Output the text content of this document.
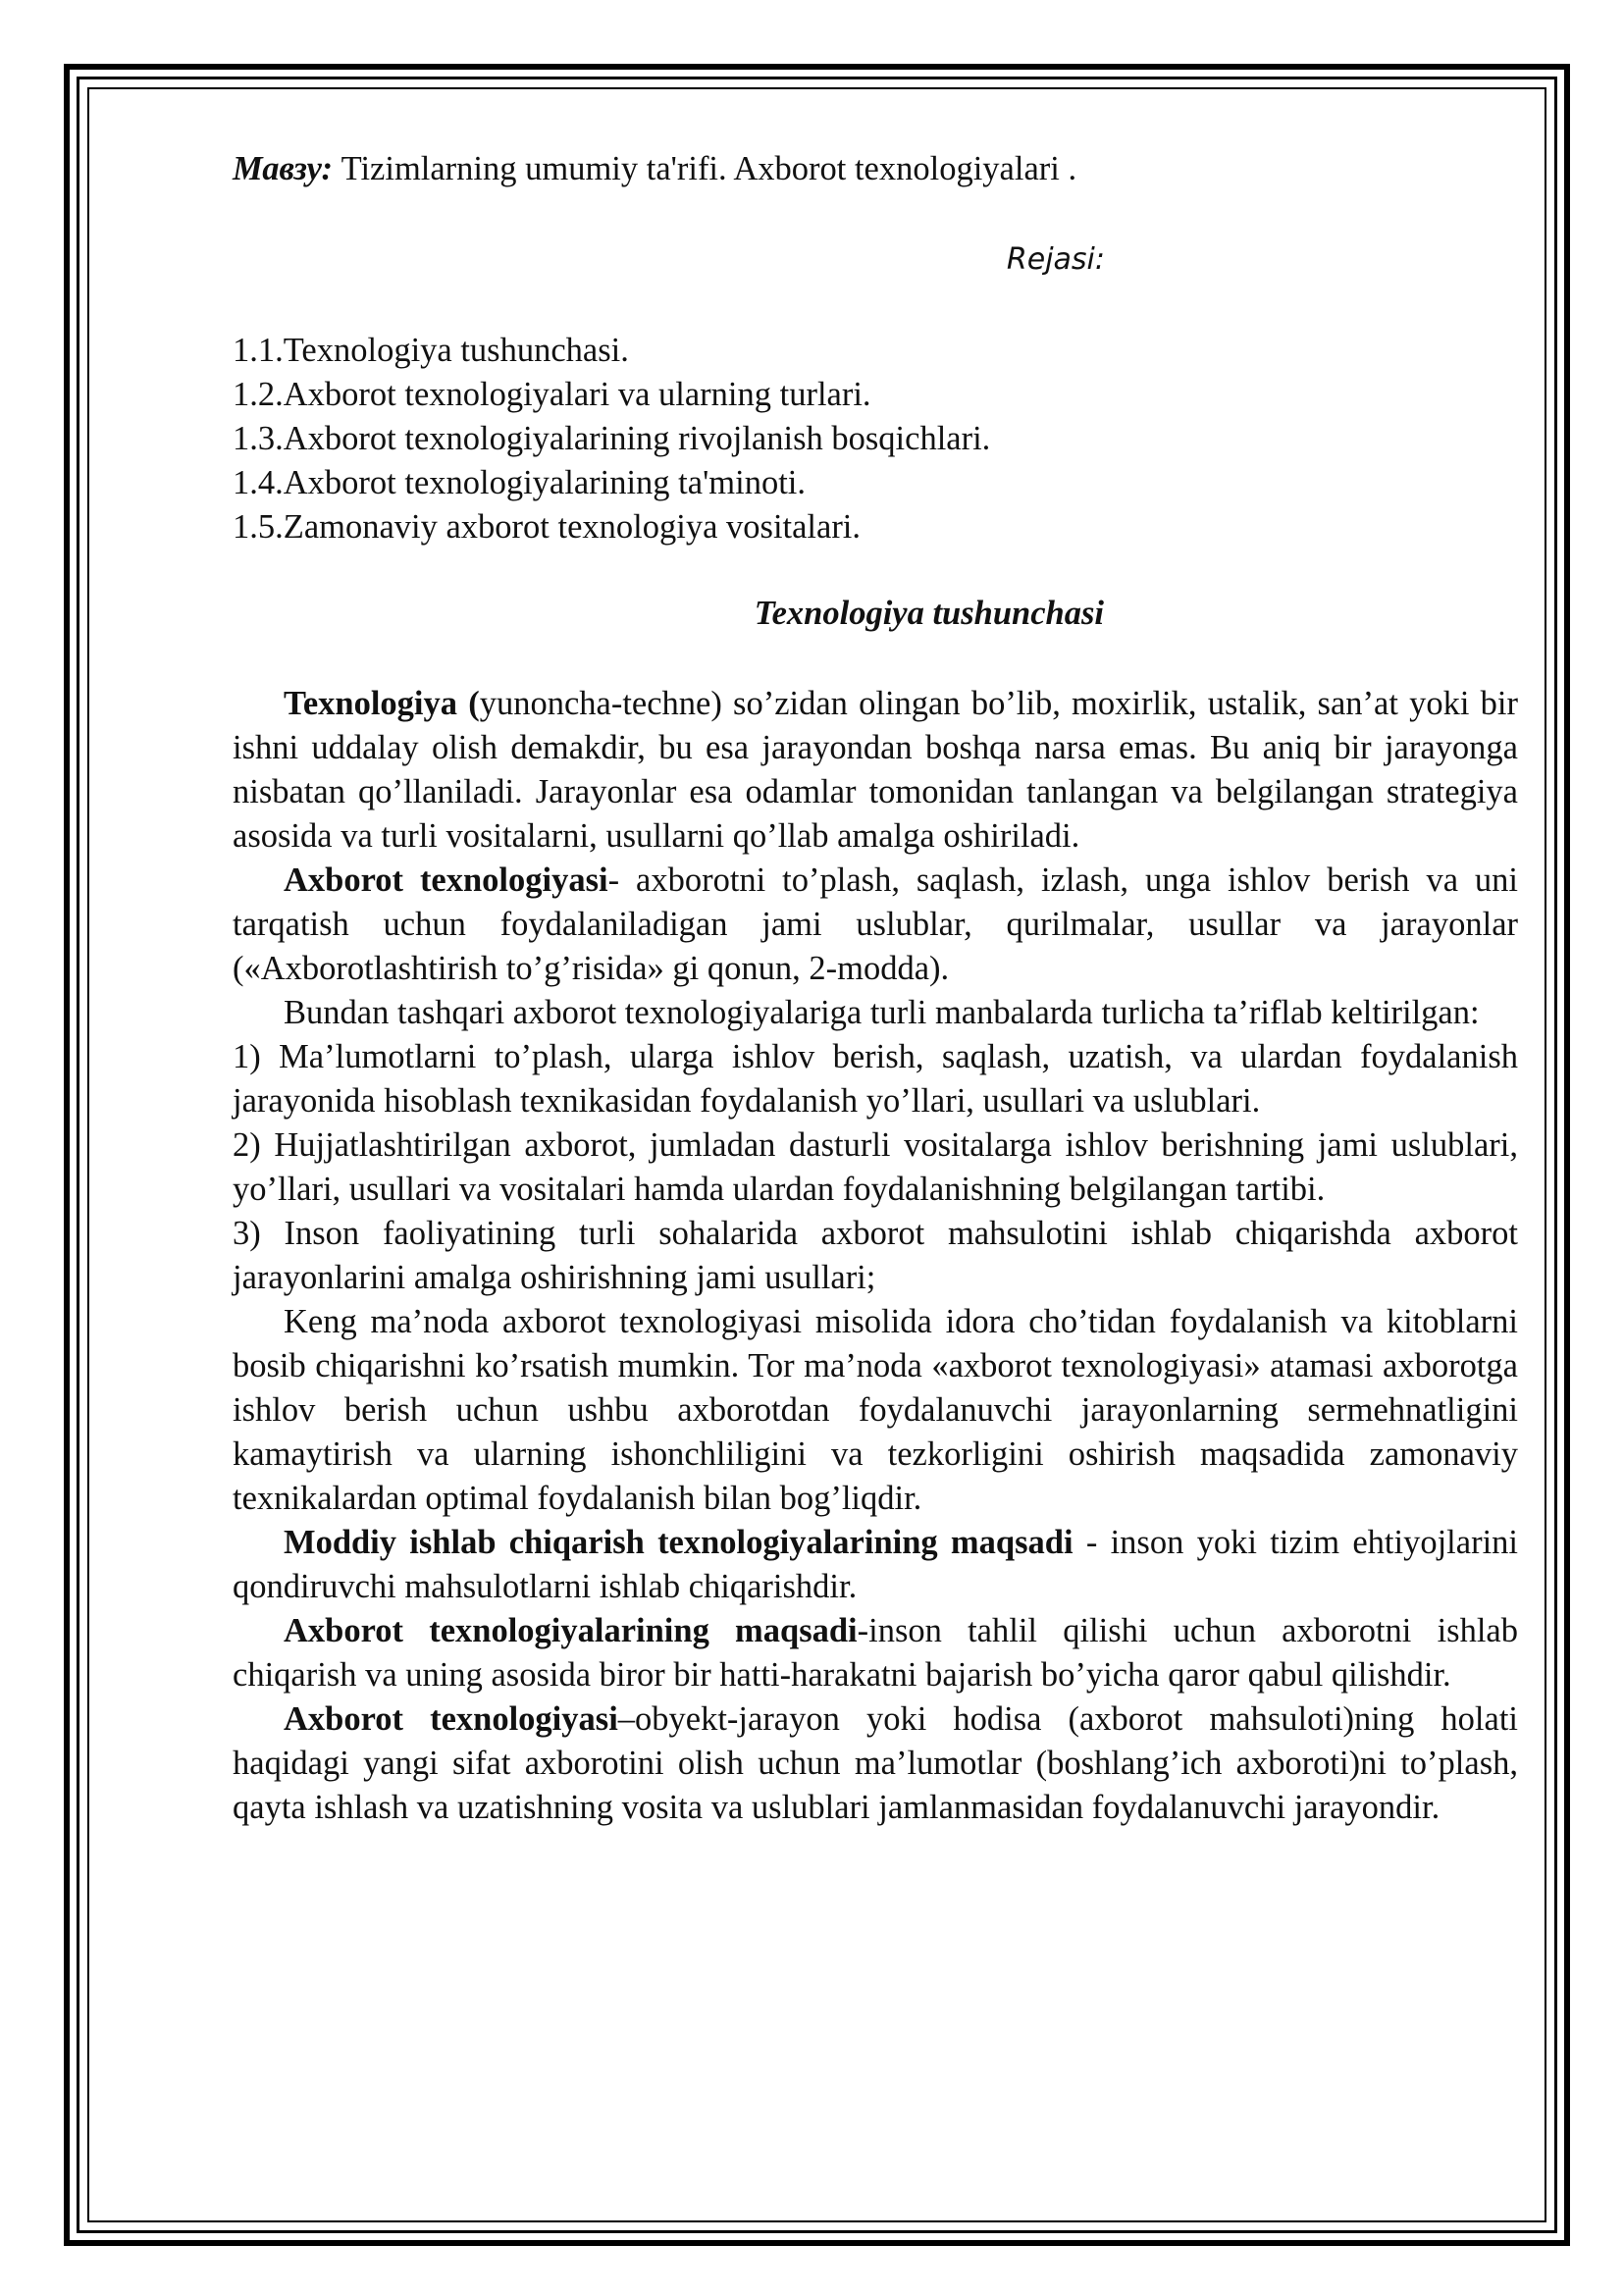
Мавзу: Tizimlarning umumiy ta'rifi. Axborot texnologiyalari .

Rejasi:
1.1.Texnologiya tushunchasi.
1.2.Axborot texnologiyalari va ularning turlari.
1.3.Axborot texnologiyalarining rivojlanish bosqichlari.
1.4.Axborot texnologiyalarining ta'minoti.
1.5.Zamonaviy axborot texnologiya vositalari.
Texnologiya tushunchasi

Texnologiya (yunoncha-techne) so’zidan olingan bo’lib, moxirlik, ustalik, san’at yoki bir ishni uddalay olish demakdir, bu esa jarayondan boshqa narsa emas. Bu aniq bir jarayonga nisbatan qo’llaniladi. Jarayonlar esa odamlar tomonidan tanlangan va belgilangan strategiya asosida va turli vositalarni, usullarni qo’llab amalga oshiriladi.

Axborot texnologiyasi- axborotni to’plash, saqlash, izlash, unga ishlov berish va uni tarqatish uchun foydalaniladigan jami uslublar, qurilmalar, usullar va jarayonlar («Axborotlashtirish to’g’risida» gi qonun, 2-modda).

Bundan tashqari axborot texnologiyalariga turli manbalarda turlicha ta’riflab keltirilgan:

1) Ma’lumotlarni to’plash, ularga ishlov berish, saqlash, uzatish, va ulardan foydalanish jarayonida hisoblash texnikasidan foydalanish yo’llari, usullari va uslublari.

2) Hujjatlashtirilgan axborot, jumladan dasturli vositalarga ishlov berishning jami uslublari, yo’llari, usullari va vositalari hamda ulardan foydalanishning belgilangan tartibi.

3) Inson faoliyatining turli sohalarida axborot mahsulotini ishlab chiqarishda axborot jarayonlarini amalga oshirishning jami usullari;

Keng ma’noda axborot texnologiyasi misolida idora cho’tidan foydalanish va kitoblarni bosib chiqarishni ko’rsatish mumkin. Tor ma’noda «axborot texnologiyasi» atamasi axborotga ishlov berish uchun ushbu axborotdan foydalanuvchi jarayonlarning sermehnatligini kamaytirish va ularning ishonchliligini va tezkorligini oshirish maqsadida zamonaviy texnikalardan optimal foydalanish bilan bog’liqdir.

Moddiy ishlab chiqarish texnologiyalarining maqsadi - inson yoki tizim ehtiyojlarini qondiruvchi mahsulotlarni ishlab chiqarishdir.

Axborot texnologiyalarining maqsadi-inson tahlil qilishi uchun axborotni ishlab chiqarish va uning asosida biror bir hatti-harakatni bajarish bo’yicha qaror qabul qilishdir.

Axborot texnologiyasi–obyekt-jarayon yoki hodisa (axborot mahsuloti)ning holati haqidagi yangi sifat axborotini olish uchun ma’lumotlar (boshlang’ich axboroti)ni to’plash, qayta ishlash va uzatishning vosita va uslublari jamlanmasidan foydalanuvchi jarayondir.
